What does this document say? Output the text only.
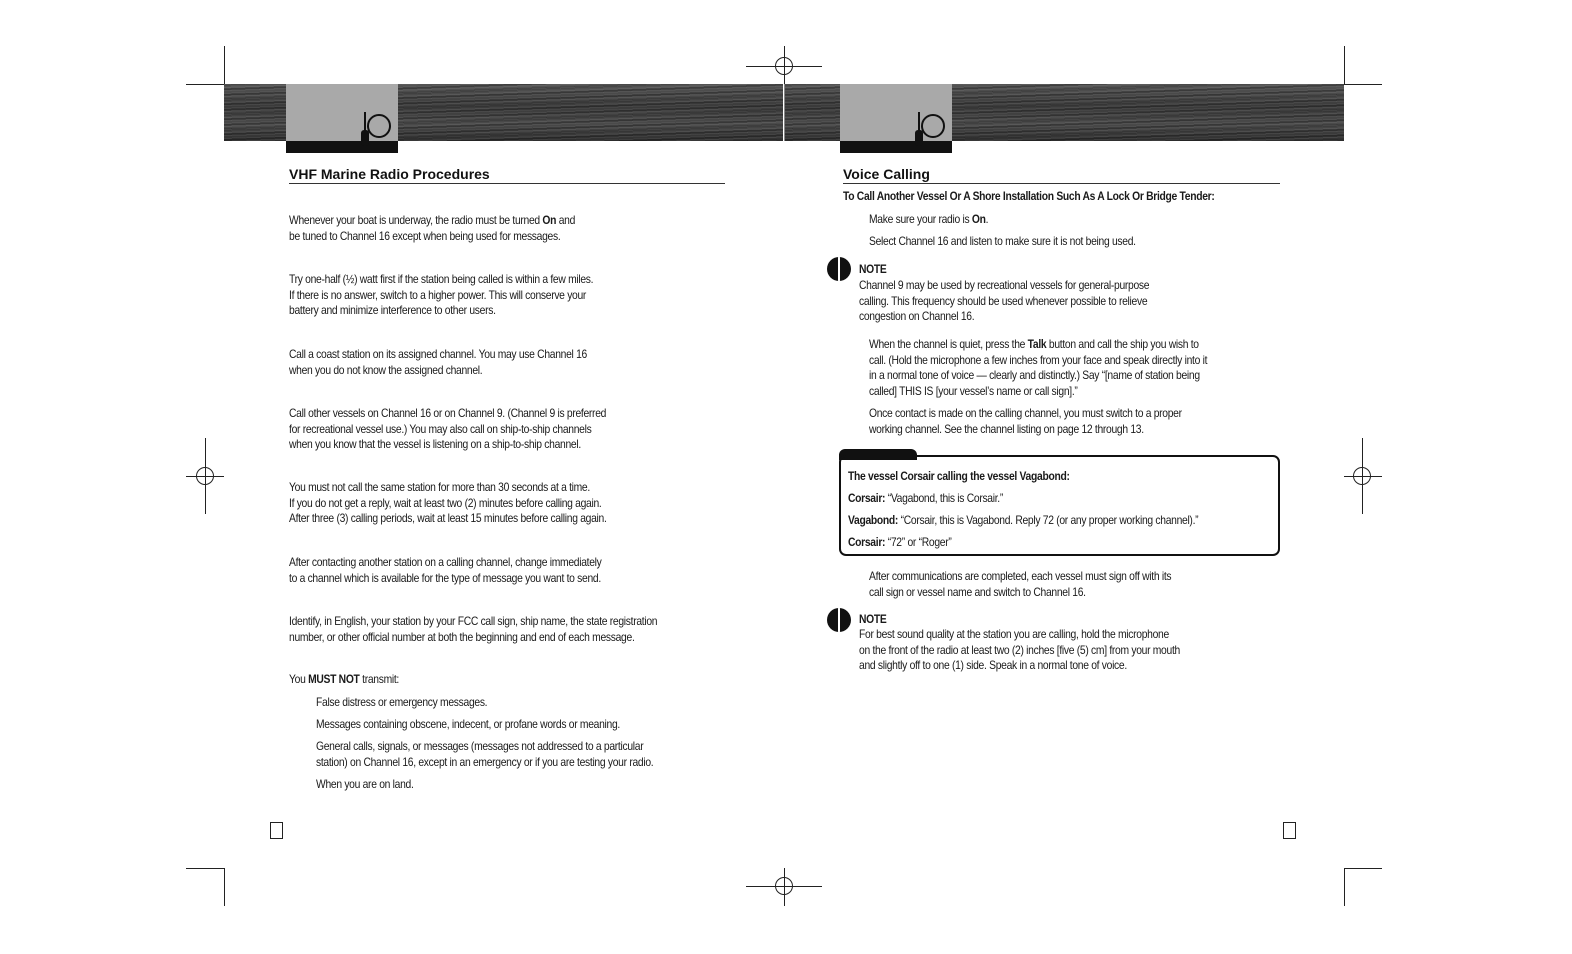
VHF Marine Radio Procedures
Whenever your boat is underway, the radio must be turned On and
be tuned to Channel 16 except when being used for messages.
Try one-half (½) watt first if the station being called is within a few miles.
If there is no answer, switch to a higher power. This will conserve your
battery and minimize interference to other users.
Call a coast station on its assigned channel. You may use Channel 16
when you do not know the assigned channel.
Call other vessels on Channel 16 or on Channel 9. (Channel 9 is preferred
for recreational vessel use.) You may also call on ship-to-ship channels
when you know that the vessel is listening on a ship-to-ship channel.
You must not call the same station for more than 30 seconds at a time.
If you do not get a reply, wait at least two (2) minutes before calling again.
After three (3) calling periods, wait at least 15 minutes before calling again.
After contacting another station on a calling channel, change immediately
to a channel which is available for the type of message you want to send.
Identify, in English, your station by your FCC call sign, ship name, the state registration
number, or other official number at both the beginning and end of each message.
You MUST NOT transmit:
False distress or emergency messages.
Messages containing obscene, indecent, or profane words or meaning.
General calls, signals, or messages (messages not addressed to a particular
station) on Channel 16, except in an emergency or if you are testing your radio.
When you are on land.
Voice Calling
To Call Another Vessel Or A Shore Installation Such As A Lock Or Bridge Tender:
Make sure your radio is On.
Select Channel 16 and listen to make sure it is not being used.
NOTE
Channel 9 may be used by recreational vessels for general-purpose
calling. This frequency should be used whenever possible to relieve
congestion on Channel 16.
When the channel is quiet, press the Talk button and call the ship you wish to
call. (Hold the microphone a few inches from your face and speak directly into it
in a normal tone of voice — clearly and distinctly.) Say “[name of station being
called] THIS IS [your vessel’s name or call sign].”
Once contact is made on the calling channel, you must switch to a proper
working channel. See the channel listing on page 12 through 13.
The vessel Corsair calling the vessel Vagabond:
Corsair: “Vagabond, this is Corsair.”
Vagabond: “Corsair, this is Vagabond. Reply 72 (or any proper working channel).”
Corsair: “72” or “Roger”
After communications are completed, each vessel must sign off with its
call sign or vessel name and switch to Channel 16.
NOTE
For best sound quality at the station you are calling, hold the microphone
on the front of the radio at least two (2) inches [five (5) cm] from your mouth
and slightly off to one (1) side. Speak in a normal tone of voice.
